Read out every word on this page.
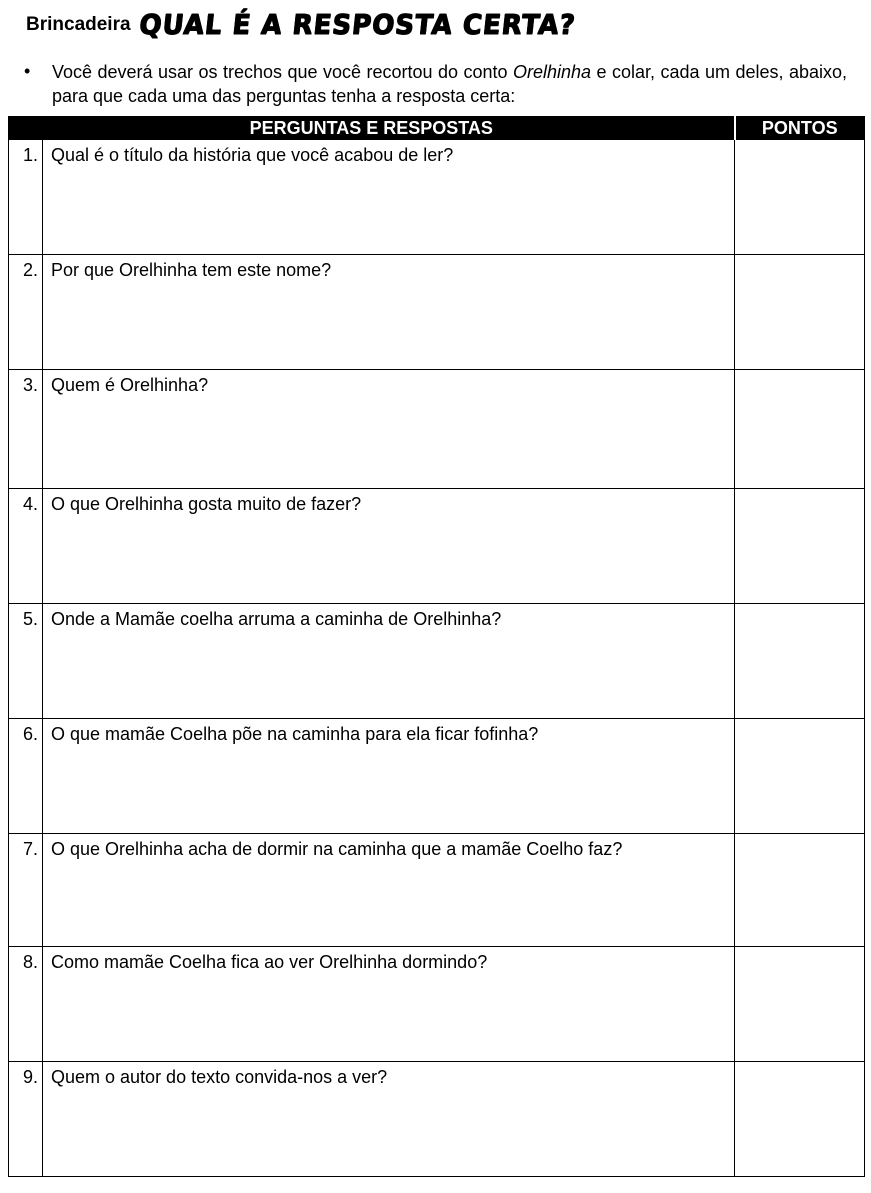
Brincadeira QUAL É A RESPOSTA CERTA?
• Você deverá usar os trechos que você recortou do conto Orelhinha e colar, cada um deles, abaixo, para que cada uma das perguntas tenha a resposta certa:
PERGUNTAS E RESPOSTAS		PONTOS
1.	Qual é o título da história que você acabou de ler?	
2.	Por que Orelhinha tem este nome?	
3.	Quem é Orelhinha?	
4.	O que Orelhinha gosta muito de fazer?	
5.	Onde a Mamãe coelha arruma a caminha de Orelhinha?	
6.	O que mamãe Coelha põe na caminha para ela ficar fofinha?	
7.	O que Orelhinha acha de dormir na caminha que a mamãe Coelho faz?	
8.	Como mamãe Coelha fica ao ver Orelhinha dormindo?	
9.	Quem o autor do texto convida-nos a ver?	
